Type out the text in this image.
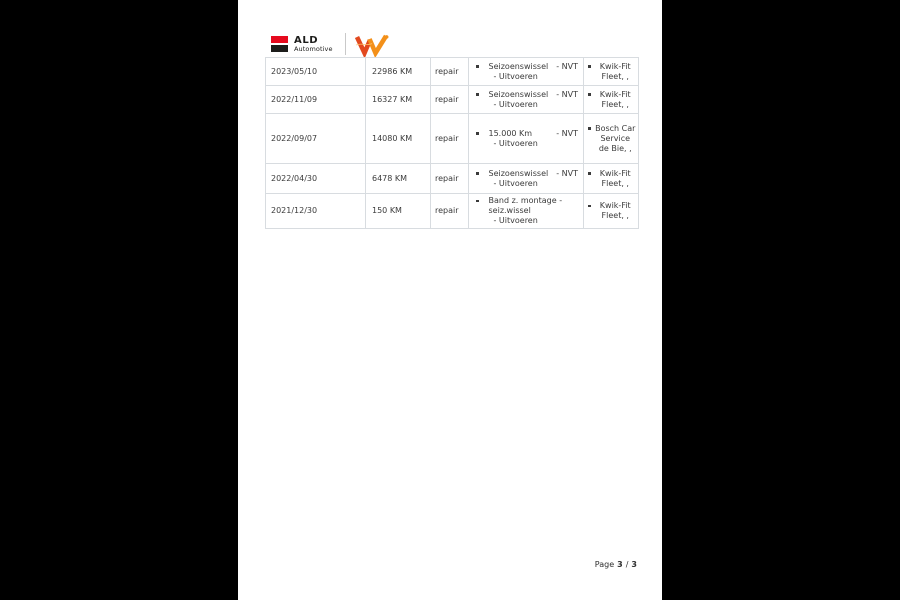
ALD
Automotive
2023/05/10	22986 KM	repair	Seizoenswissel - NVT
- Uitvoeren	Kwik-Fit Fleet, ,

2022/11/09	16327 KM	repair	Seizoenswissel - NVT
- Uitvoeren	Kwik-Fit Fleet, ,

2022/09/07	14080 KM	repair	15.000 Km - NVT
- Uitvoeren	Bosch Car Service de Bie, ,

2022/04/30	6478 KM	repair	Seizoenswissel - NVT
- Uitvoeren	Kwik-Fit Fleet, ,

2021/12/30	150 KM	repair	Band z. montage -
seiz.wissel
- Uitvoeren	Kwik-Fit Fleet, ,
Page 3 / 3
